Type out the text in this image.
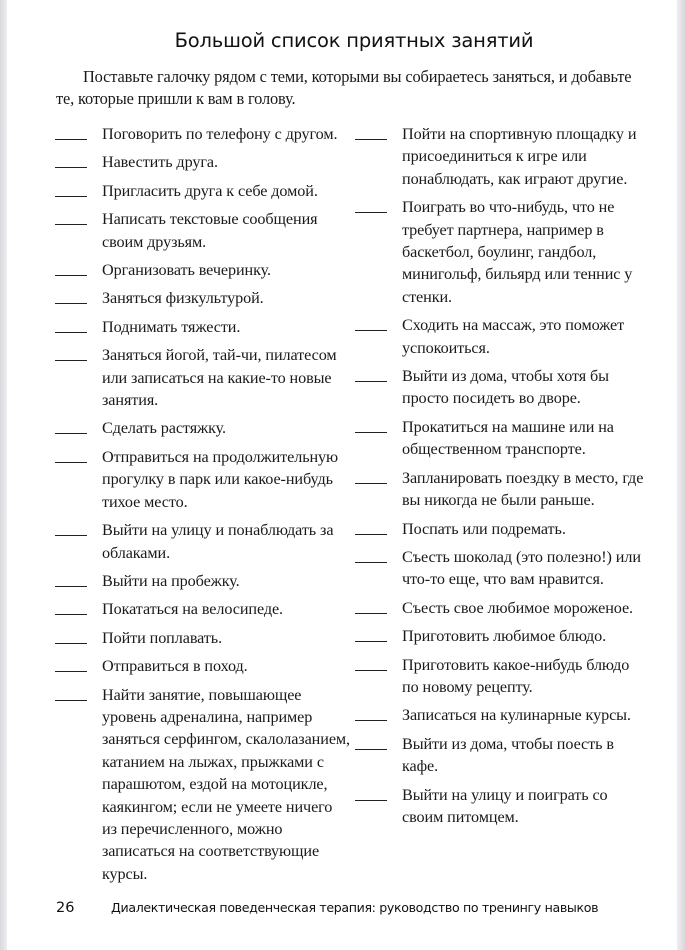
Большой список приятных занятий
Поставьте галочку рядом с теми, которыми вы собираетесь заняться, и добавьте те, которые пришли к вам в голову.
Поговорить по телефону с другом.
Навестить друга.
Пригласить друга к себе домой.
Написать текстовые сообщения своим друзьям.
Организовать вечеринку.
Заняться физкультурой.
Поднимать тяжести.
Заняться йогой, тай-чи, пилатесом или записаться на какие-то новые занятия.
Сделать растяжку.
Отправиться на продолжительную прогулку в парк или какое-нибудь тихое место.
Выйти на улицу и понаблюдать за облаками.
Выйти на пробежку.
Покататься на велосипеде.
Пойти поплавать.
Отправиться в поход.
Найти занятие, повышающее уровень адреналина, например заняться серфингом, скалолазанием, катанием на лыжах, прыжками с парашютом, ездой на мотоцикле, каякингом; если не умеете ничего из перечисленного, можно записаться на соответствующие курсы.
Пойти на спортивную площадку и присоединиться к игре или понаблюдать, как играют другие.
Поиграть во что-нибудь, что не требует партнера, например в баскетбол, боулинг, гандбол, минигольф, бильярд или теннис у стенки.
Сходить на массаж, это поможет успокоиться.
Выйти из дома, чтобы хотя бы просто посидеть во дворе.
Прокатиться на машине или на общественном транспорте.
Запланировать поездку в место, где вы никогда не были раньше.
Поспать или подремать.
Съесть шоколад (это полезно!) или что-то еще, что вам нравится.
Съесть свое любимое мороженое.
Приготовить любимое блюдо.
Приготовить какое-нибудь блюдо по новому рецепту.
Записаться на кулинарные курсы.
Выйти из дома, чтобы поесть в кафе.
Выйти на улицу и поиграть со своим питомцем.
26	Диалектическая поведенческая терапия: руководство по тренингу навыков
